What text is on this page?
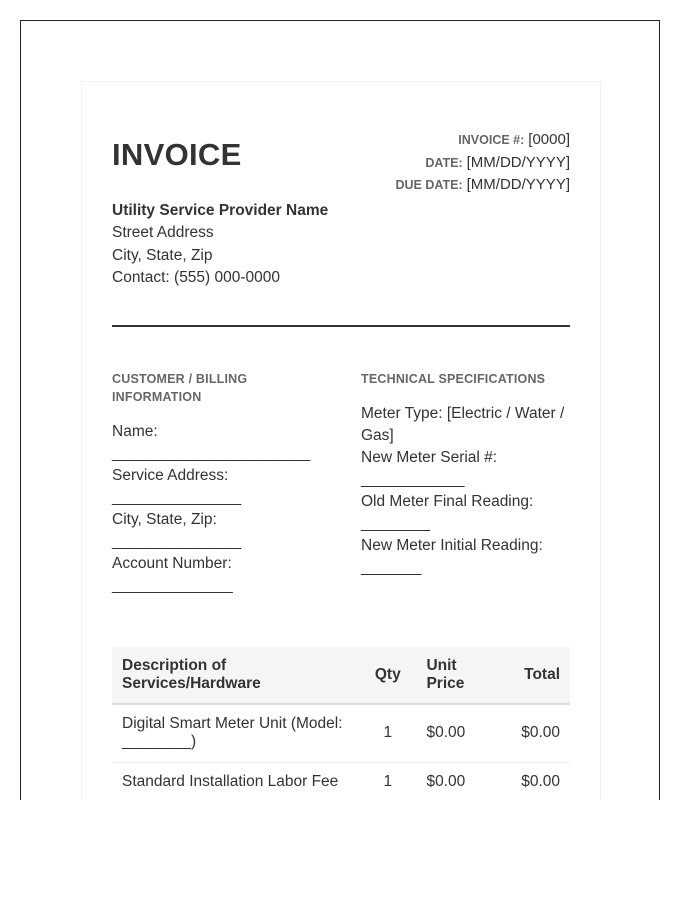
INVOICE	INVOICE #: [0000]
DATE: [MM/DD/YYYY]
DUE DATE: [MM/DD/YYYY]
Utility Service Provider Name
Street Address
City, State, Zip
Contact: (555) 000-0000
CUSTOMER / BILLING INFORMATION
Name:
_______________________
Service Address:
_______________
City, State, Zip:
_______________
Account Number:
______________
TECHNICAL SPECIFICATIONS
Meter Type: [Electric / Water / Gas]
New Meter Serial #:
____________
Old Meter Final Reading:
________
New Meter Initial Reading:
_______
Description of Services/Hardware	Qty	Unit Price	Total
Digital Smart Meter Unit (Model: ________)	1	$0.00	$0.00
Standard Installation Labor Fee	1	$0.00	$0.00
